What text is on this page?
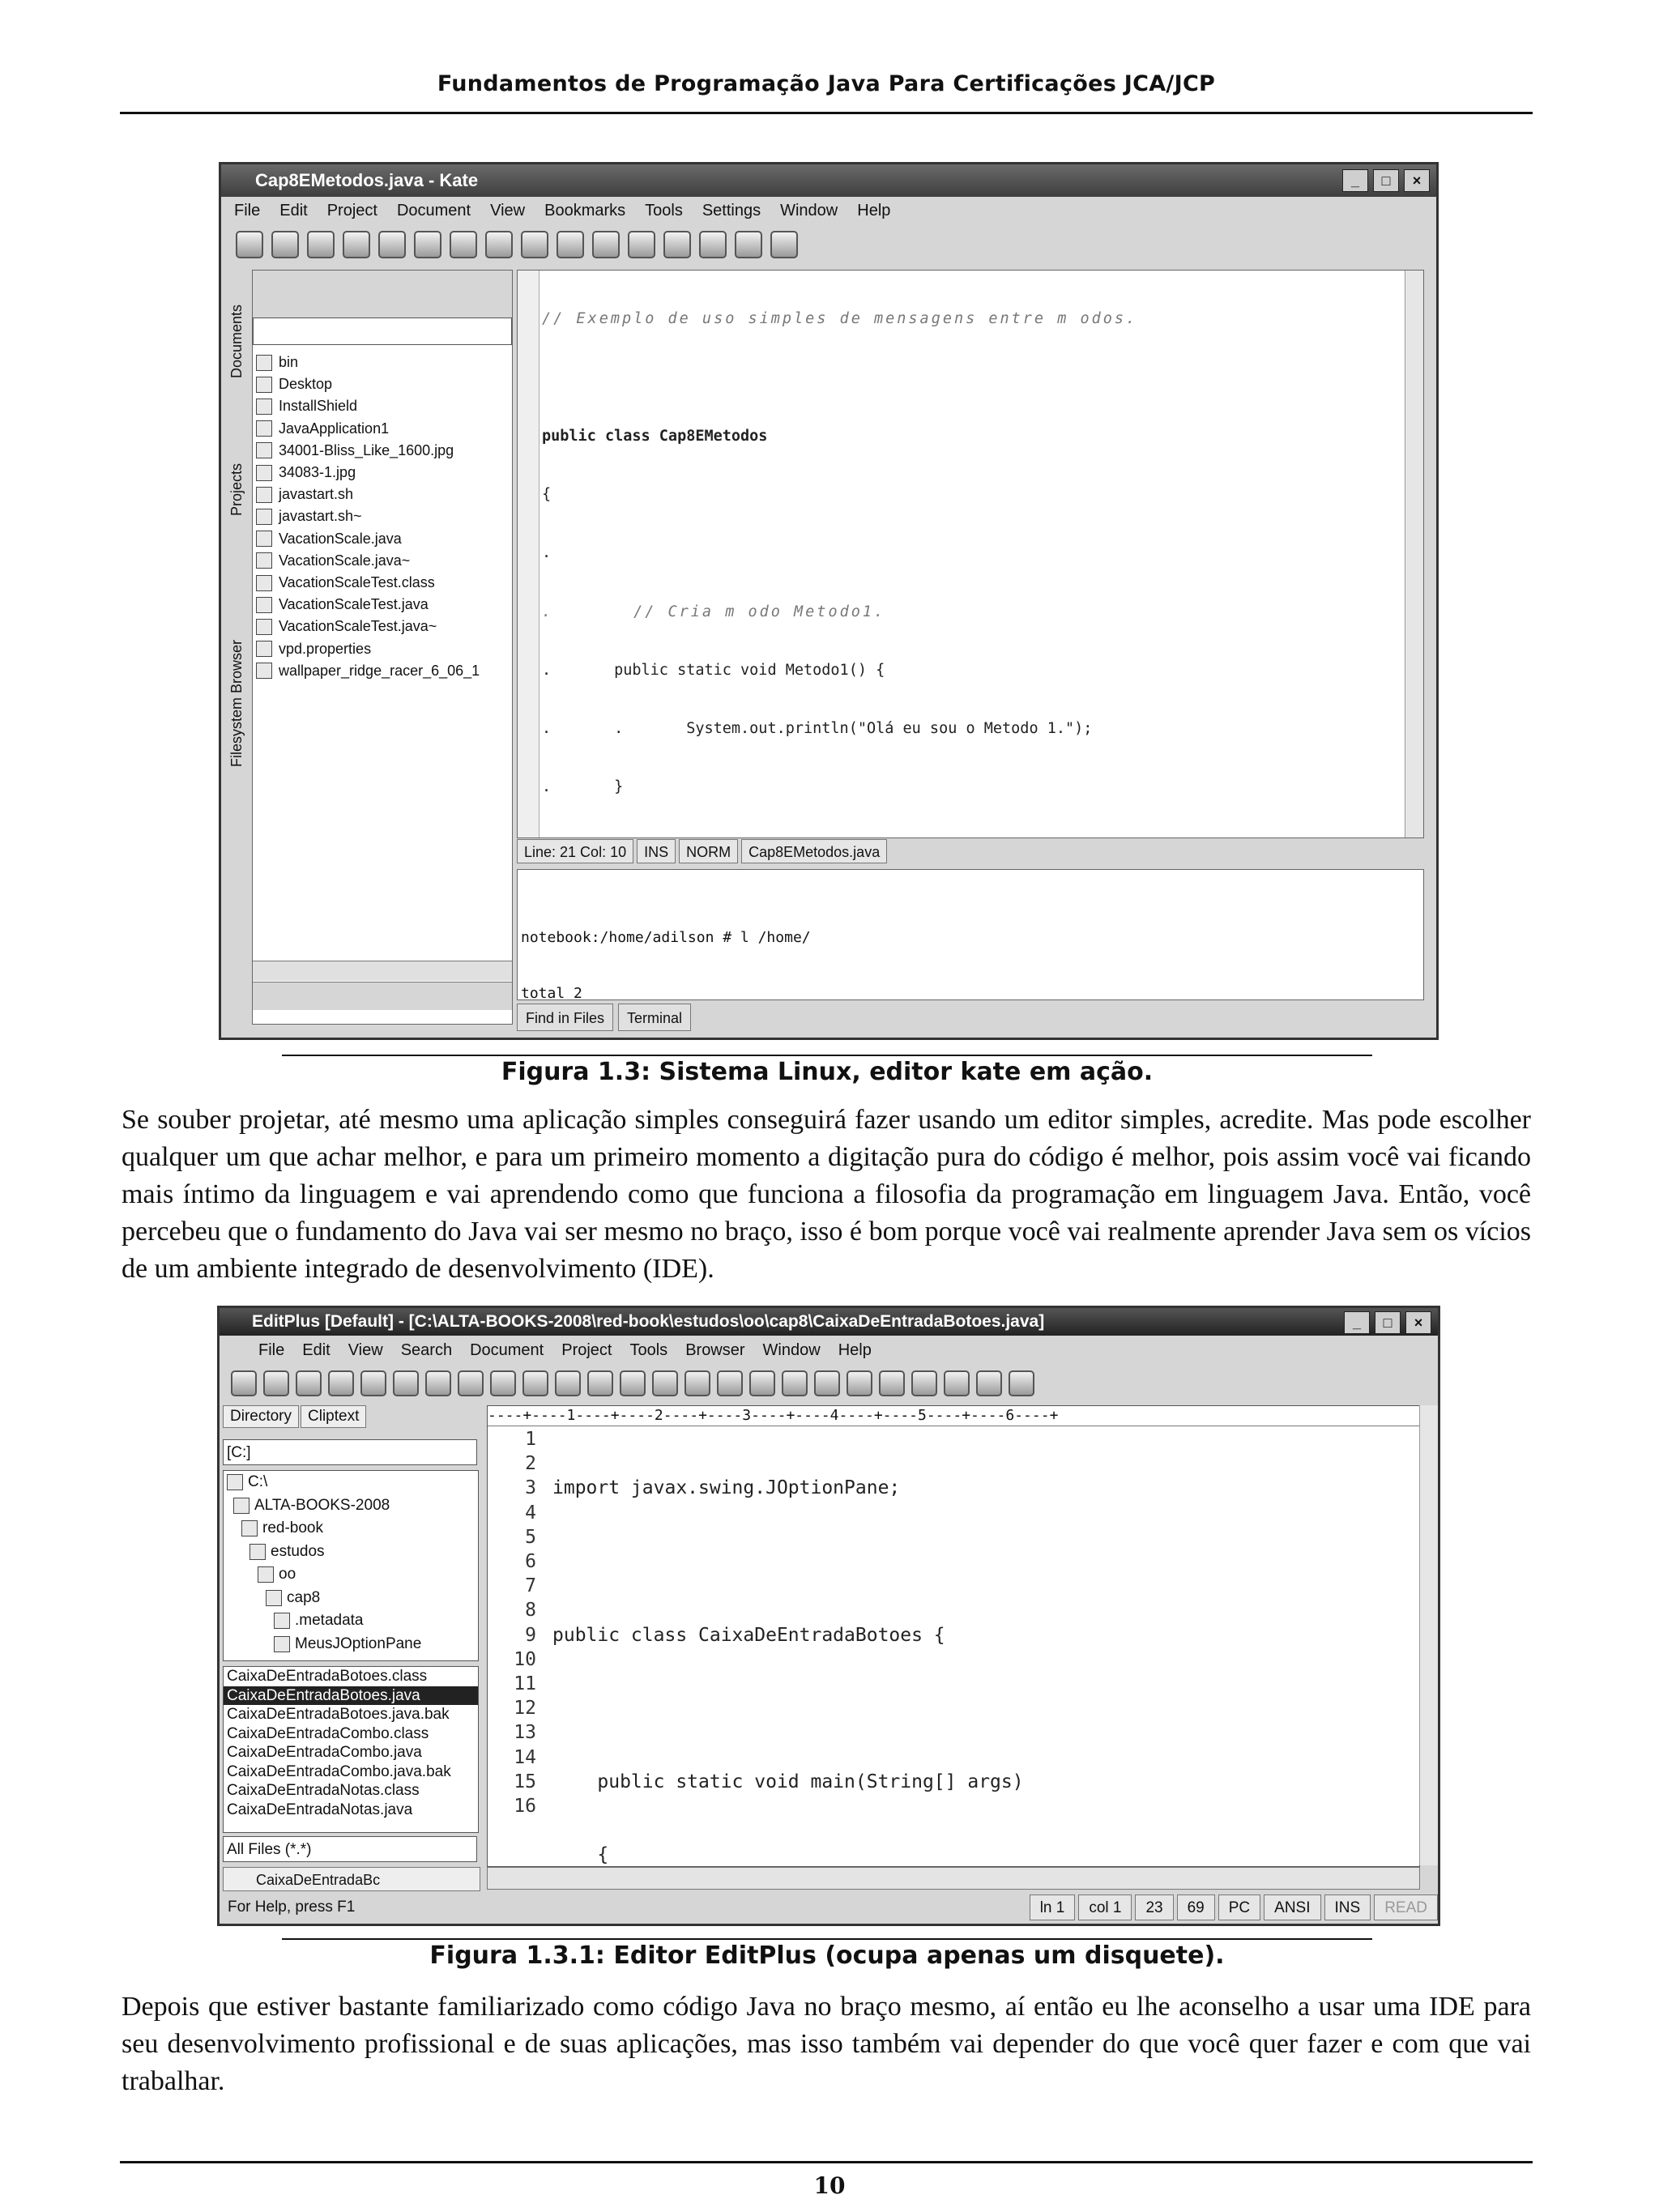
Fundamentos de Programação Java Para Certificações JCA/JCP
Cap8EMetodos.java - Kate	_	□	×
File Edit Project Document View Bookmarks Tools Settings Window Help
Documents
Projects
Filesystem Browser
bin
Desktop
InstallShield
JavaApplication1
34001-Bliss_Like_1600.jpg
34083-1.jpg
javastart.sh
javastart.sh~
VacationScale.java
VacationScale.java~
VacationScaleTest.class
VacationScaleTest.java
VacationScaleTest.java~
vpd.properties
wallpaper_ridge_racer_6_06_1

// Exemplo de uso simples de mensagens entre m odos.

public class Cap8EMetodos

{

.

.       // Cria m odo Metodo1.

.       public static void Metodo1() {

.       .       System.out.println("Olá eu sou o Metodo 1.");

.       }

Line: 21 Col: 10	INS	NORM	Cap8EMetodos.java

notebook:/home/adilson # l /home/

total 2

Find in Files	Terminal
Figura 1.3: Sistema Linux, editor kate em ação.
Se souber projetar, até mesmo uma aplicação simples conseguirá fazer usando um editor simples, acredite. Mas pode escolher qualquer um que achar melhor, e para um primeiro momento a digitação pura do código é melhor, pois assim você vai ficando mais íntimo da linguagem e vai aprendendo como que funciona a filosofia da programação em linguagem Java. Então, você percebeu que o fundamento do Java vai ser mesmo no braço, isso é bom porque você vai realmente aprender Java sem os vícios de um ambiente integrado de desenvolvimento (IDE).
EditPlus [Default] - [C:\ALTA-BOOKS-2008\red-book\estudos\oo\cap8\CaixaDeEntradaBotoes.java]	_	□	×
File Edit View Search Document Project Tools Browser Window Help
Directory	Cliptext
[C:]
C:\
ALTA-BOOKS-2008
red-book
estudos
oo
cap8
.metadata
MeusJOptionPane
CaixaDeEntradaBotoes.class
CaixaDeEntradaBotoes.java
CaixaDeEntradaBotoes.java.bak
CaixaDeEntradaCombo.class
CaixaDeEntradaCombo.java
CaixaDeEntradaCombo.java.bak
CaixaDeEntradaNotas.class
CaixaDeEntradaNotas.java
All Files (*.*)
----+----1----+----2----+----3----+----4----+----5----+----6----+
1
2
3
4
5
6
7
8
9
10
11
12
13
14
15
16

import javax.swing.JOptionPane;

public class CaixaDeEntradaBotoes {

public static void main(String[] args)

{

CaixaDeEntradaBc
For Help, press F1	ln 1	col 1	23	69	PC	ANSI	INS	READ
Figura 1.3.1: Editor EditPlus (ocupa apenas um disquete).
Depois que estiver bastante familiarizado como código Java no braço mesmo, aí então eu lhe aconselho a usar uma IDE para seu desenvolvimento profissional e de suas aplicações, mas isso também vai depender do que você quer fazer e com que vai trabalhar.
10
